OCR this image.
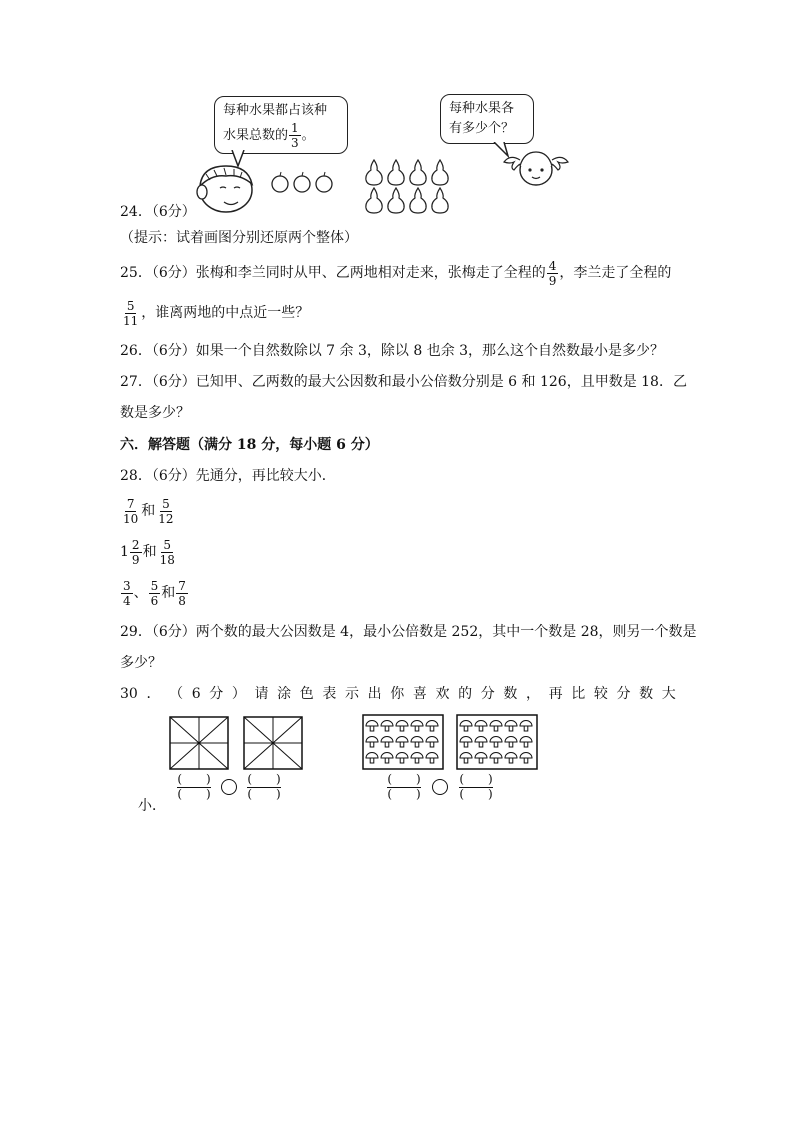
每种水果都占该种
水果总数的 $\frac{1}{3}$ 。
每种水果各
有多少个？
24．（6分）
（提示：试着画图分别还原两个整体）
25．（6分）张梅和李兰同时从甲、乙两地相对走来，张梅走了全程的 $\frac{4}{9}$ ，李兰走了全程的
$\frac{5}{11}$ ，谁离两地的中点近一些？
26．（6分）如果一个自然数除以 7 余 3，除以 8 也余 3，那么这个自然数最小是多少？
27．（6分）已知甲、乙两数的最大公因数和最小公倍数分别是 6 和 126，且甲数是 18．乙
数是多少？
六．解答题（满分 18 分，每小题 6 分）
28．（6分）先通分，再比较大小．
$\frac{7}{10}$ 和 $\frac{5}{12}$
$1 \frac{2}{9}$ 和 $\frac{5}{18}$
$\frac{3}{4}$ 、 $\frac{5}{6}$ 和 $\frac{7}{8}$
29．（6分）两个数的最大公因数是 4，最小公倍数是 252，其中一个数是 28，则另一个数是
多少？
30 ． （ 6 分 ） 请 涂 色 表 示 出 你 喜 欢 的 分 数 ， 再 比 较 分 数 大
(　　)
(　　)
(　　)
(　　)
(　　)
(　　)
(　　)
(　　)
小．
